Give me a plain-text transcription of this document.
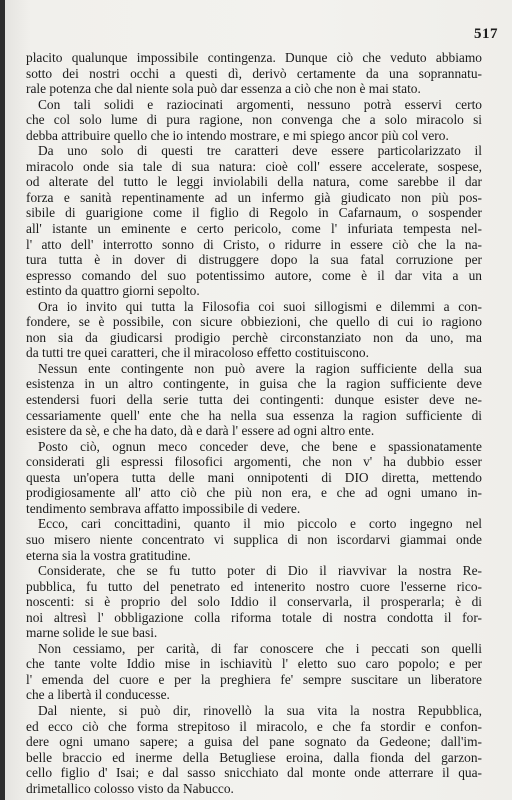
517
placito qualunque impossibile contingenza. Dunque ciò che veduto abbiamo
sotto dei nostri occhi a questi dì, derivò certamente da una soprannatu-
rale potenza che dal niente sola può dar essenza a ciò che non è mai stato.
Con tali solidi e raziocinati argomenti, nessuno potrà esservi certo
che col solo lume di pura ragione, non convenga che a solo miracolo si
debba attribuire quello che io intendo mostrare, e mi spiego ancor più col vero.
Da uno solo di questi tre caratteri deve essere particolarizzato il
miracolo onde sia tale di sua natura: cioè coll' essere accelerate, sospese,
od alterate del tutto le leggi inviolabili della natura, come sarebbe il dar
forza e sanità repentinamente ad un infermo già giudicato non più pos-
sibile di guarigione come il figlio di Regolo in Cafarnaum, o sospender
all' istante un eminente e certo pericolo, come l' infuriata tempesta nel-
l' atto dell' interrotto sonno di Cristo, o ridurre in essere ciò che la na-
tura tutta è in dover di distruggere dopo la sua fatal corruzione per
espresso comando del suo potentissimo autore, come è il dar vita a un
estinto da quattro giorni sepolto.
Ora io invito qui tutta la Filosofia coi suoi sillogismi e dilemmi a con-
fondere, se è possibile, con sicure obbiezioni, che quello di cui io ragiono
non sia da giudicarsi prodigio perchè circonstanziato non da uno, ma
da tutti tre quei caratteri, che il miracoloso effetto costituiscono.
Nessun ente contingente non può avere la ragion sufficiente della sua
esistenza in un altro contingente, in guisa che la ragion sufficiente deve
estendersi fuori della serie tutta dei contingenti: dunque esister deve ne-
cessariamente quell' ente che ha nella sua essenza la ragion sufficiente di
esistere da sè, e che ha dato, dà e darà l' essere ad ogni altro ente.
Posto ciò, ognun meco conceder deve, che bene e spassionatamente
considerati gli espressi filosofici argomenti, che non v' ha dubbio esser
questa un'opera tutta delle mani onnipotenti di DIO diretta, mettendo
prodigiosamente all' atto ciò che più non era, e che ad ogni umano in-
tendimento sembrava affatto impossibile di vedere.
Ecco, cari concittadini, quanto il mio piccolo e corto ingegno nel
suo misero niente concentrato vi supplica di non iscordarvi giammai onde
eterna sia la vostra gratitudine.
Considerate, che se fu tutto poter di Dio il riavvivar la nostra Re-
pubblica, fu tutto del penetrato ed intenerito nostro cuore l'esserne rico-
noscenti: si è proprio del solo Iddio il conservarla, il prosperarla; è di
noi altresì l' obbligazione colla riforma totale di nostra condotta il for-
marne solide le sue basi.
Non cessiamo, per carità, di far conoscere che i peccati son quelli
che tante volte Iddio mise in ischiavitù l' eletto suo caro popolo; e per
l' emenda del cuore e per la preghiera fe' sempre suscitare un liberatore
che a libertà il conducesse.
Dal niente, si può dir, rinovellò la sua vita la nostra Repubblica,
ed ecco ciò che forma strepitoso il miracolo, e che fa stordir e confon-
dere ogni umano sapere; a guisa del pane sognato da Gedeone; dall'im-
belle braccio ed inerme della Betugliese eroina, dalla fionda del garzon-
cello figlio d' Isai; e dal sasso snicchiato dal monte onde atterrare il qua-
drimetallico colosso visto da Nabucco.
